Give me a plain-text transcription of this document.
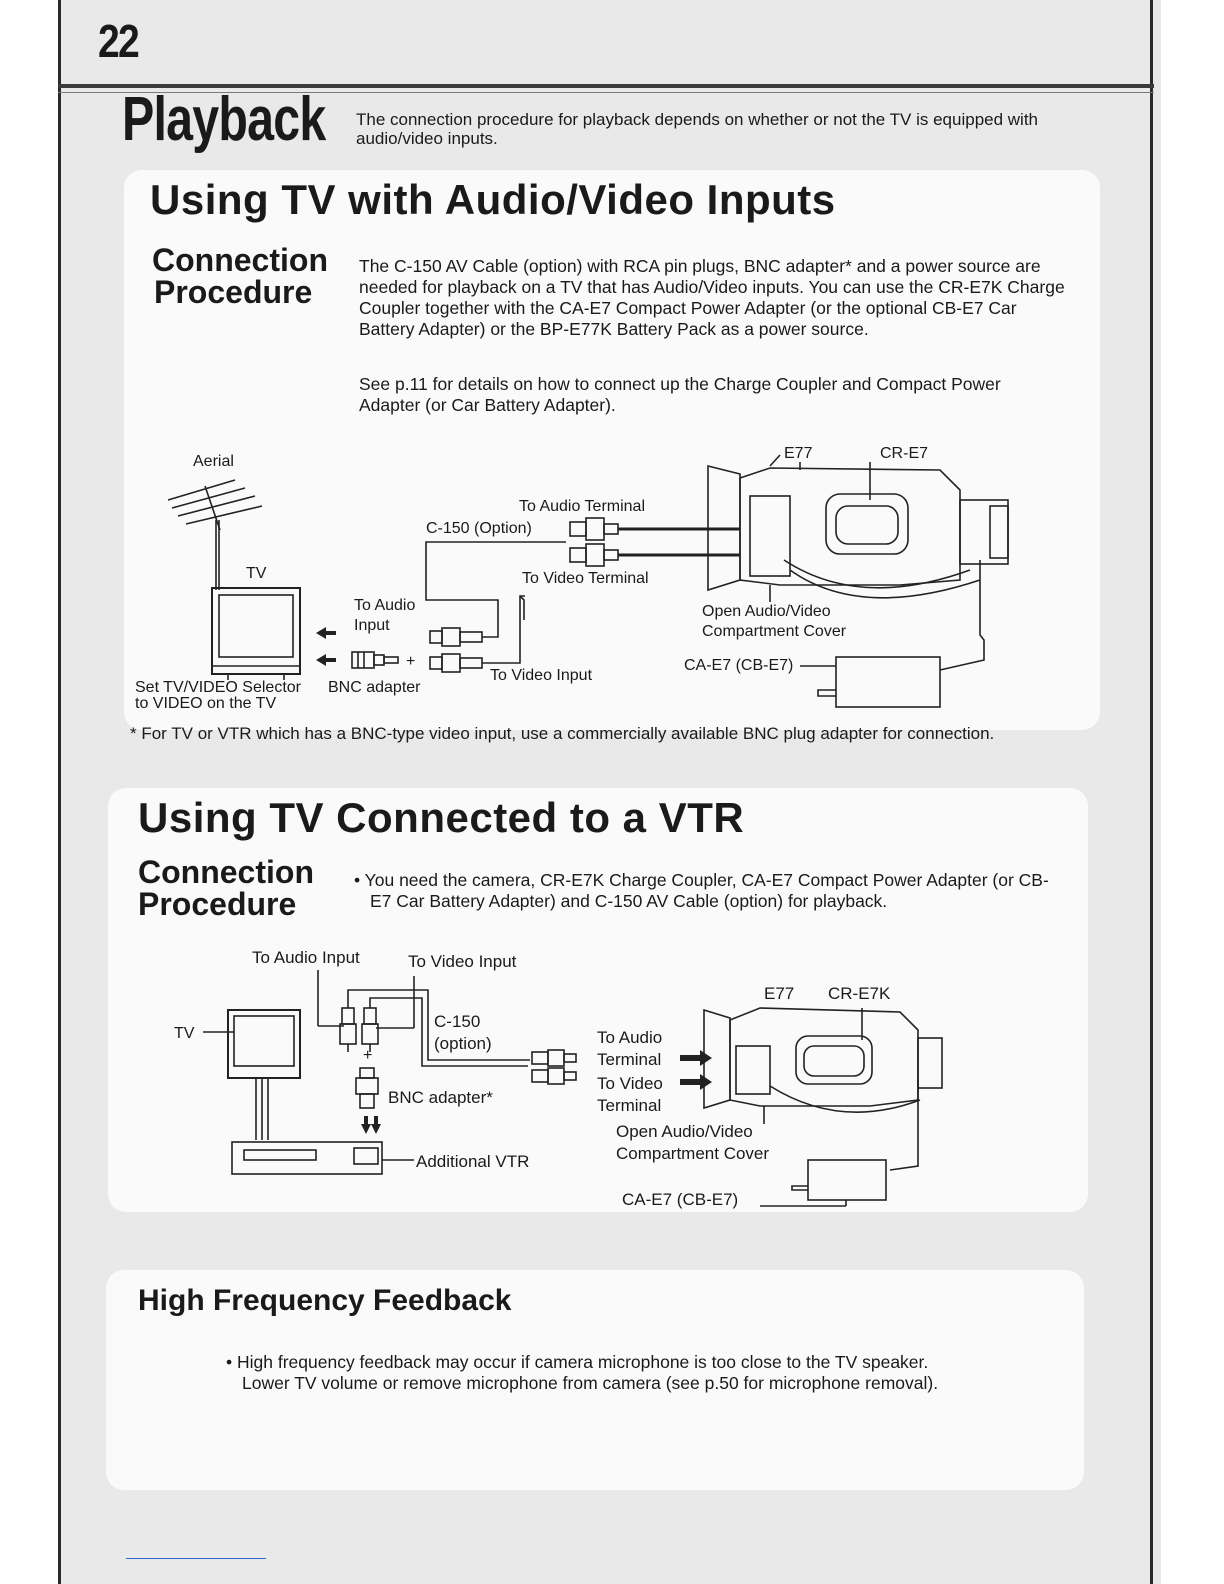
22
Playback The connection procedure for playback depends on whether or not the TV is equipped with audio/video inputs.
Using TV with Audio/Video Inputs
Connection
Procedure
The C-150 AV Cable (option) with RCA pin plugs, BNC adapter* and a power source are needed for playback on a TV that has Audio/Video inputs. You can use the CR-E7K Charge Coupler together with the CA-E7 Compact Power Adapter (or the optional CB-E7 Car Battery Adapter) or the BP-E77K Battery Pack as a power source.
See p.11 for details on how to connect up the Charge Coupler and Compact Power Adapter (or Car Battery Adapter).
Aerial
TV
To Audio Terminal
C-150 (Option)
To Video Terminal
To Audio
Input
+
To Video Input
Set TV/VIDEO Selector
to VIDEO on the TV
BNC adapter
E77	CR-E7
Open Audio/Video
Compartment Cover
CA-E7 (CB-E7)
* For TV or VTR which has a BNC-type video input, use a commercially available BNC plug adapter for connection.
Using TV Connected to a VTR
Connection
Procedure
• You need the camera, CR-E7K Charge Coupler, CA-E7 Compact Power Adapter (or CB-E7 Car Battery Adapter) and C-150 AV Cable (option) for playback.
To Audio Input	To Video Input
TV
C-150
(option)
+
BNC adapter*
Additional VTR
E77 CR-E7K
To Audio
Terminal
To Video
Terminal
Open Audio/Video
Compartment Cover
CA-E7 (CB-E7)
High Frequency Feedback
• High frequency feedback may occur if camera microphone is too close to the TV speaker. Lower TV volume or remove microphone from camera (see p.50 for microphone removal).
